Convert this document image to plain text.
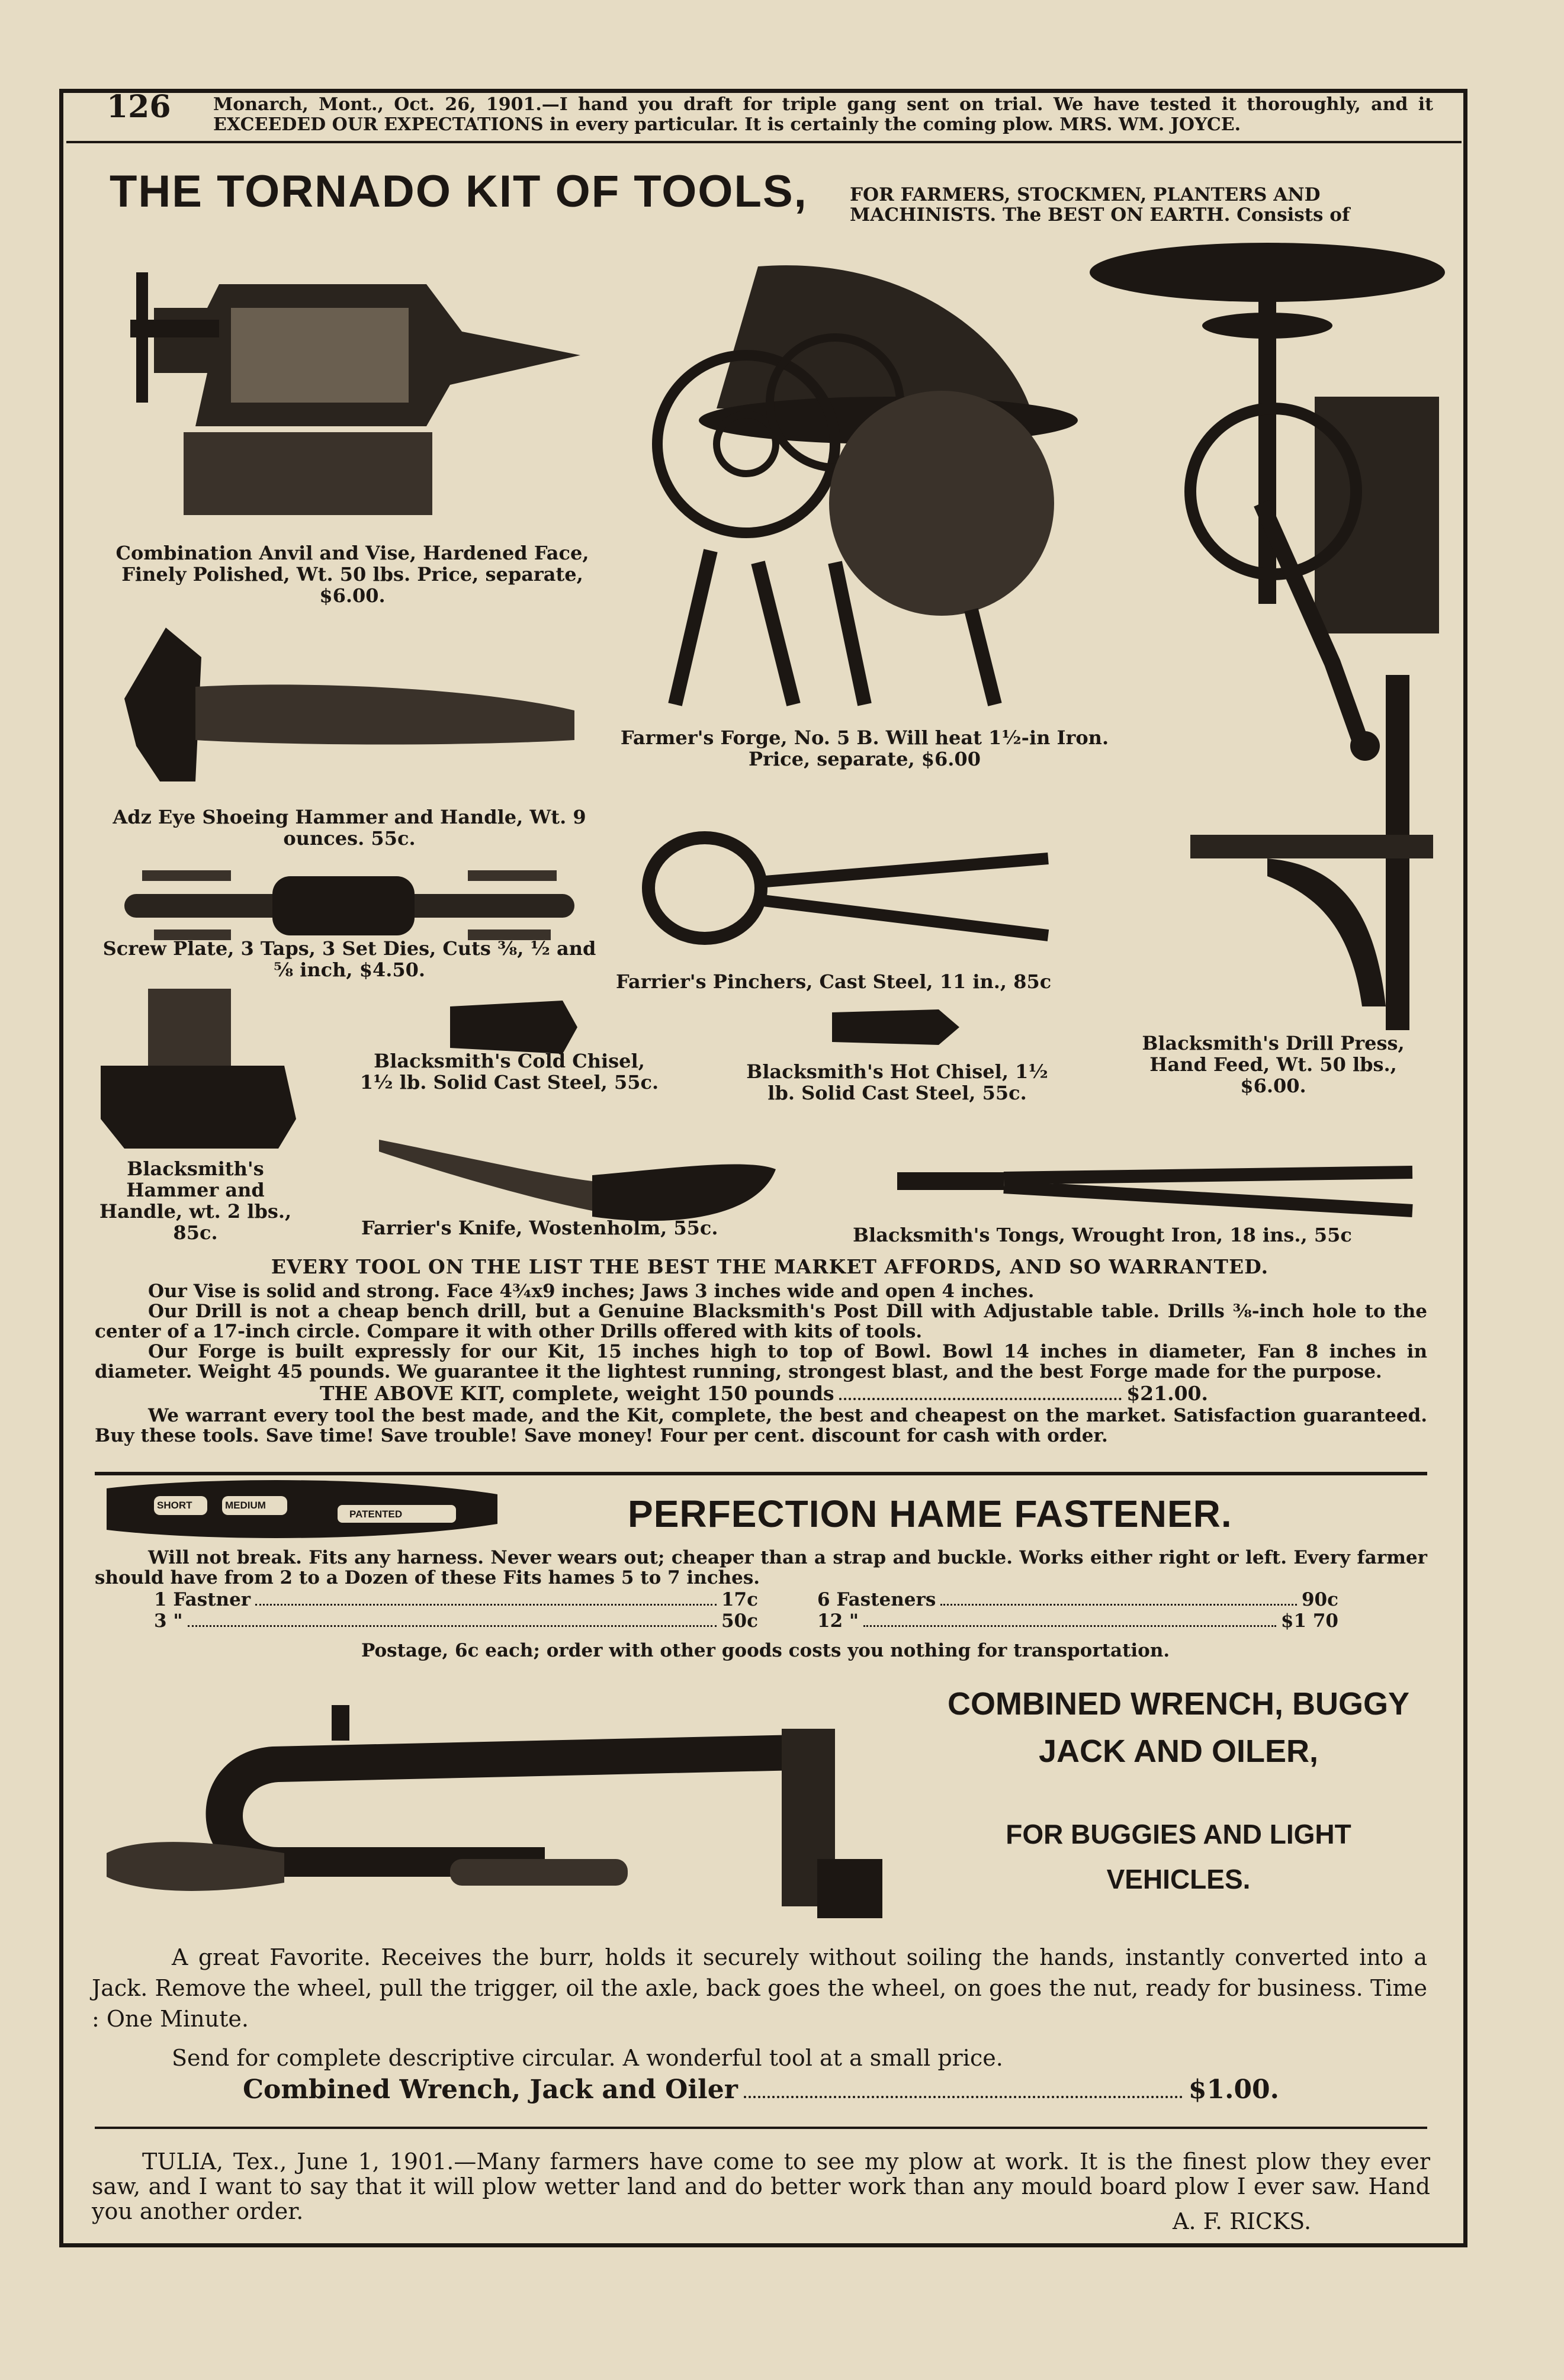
126 Monarch, Mont., Oct. 26, 1901.—I hand you draft for triple gang sent on trial. We have tested it thoroughly, and it EXCEEDED OUR EXPECTATIONS in every particular. It is certainly the coming plow. MRS. WM. JOYCE.
THE TORNADO KIT OF TOOLS, FOR FARMERS, STOCKMEN, PLANTERS AND MACHINISTS. The BEST ON EARTH. Consists of
Combination Anvil and Vise, Hardened Face, Finely Polished, Wt. 50 lbs. Price, separate, $6.00.
Farmer's Forge, No. 5 B. Will heat 1½-in Iron. Price, separate, $6.00
Adz Eye Shoeing Hammer and Handle, Wt. 9 ounces. 55c.
Screw Plate, 3 Taps, 3 Set Dies, Cuts ⅜, ½ and ⅝ inch, $4.50.
Farrier's Pinchers, Cast Steel, 11 in., 85c
Blacksmith's Cold Chisel, 1½ lb. Solid Cast Steel, 55c.	Blacksmith's Hot Chisel, 1½ lb. Solid Cast Steel, 55c.
Blacksmith's Drill Press, Hand Feed, Wt. 50 lbs., $6.00.
Blacksmith's Hammer and Handle, wt. 2 lbs., 85c.	Farrier's Knife, Wostenholm, 55c.	Blacksmith's Tongs, Wrought Iron, 18 ins., 55c
EVERY TOOL ON THE LIST THE BEST THE MARKET AFFORDS, AND SO WARRANTED.

Our Vise is solid and strong. Face 4¾x9 inches; Jaws 3 inches wide and open 4 inches.

Our Drill is not a cheap bench drill, but a Genuine Blacksmith's Post Dill with Adjustable table. Drills ⅜-inch hole to the center of a 17-inch circle. Compare it with other Drills offered with kits of tools.

Our Forge is built expressly for our Kit, 15 inches high to top of Bowl. Bowl 14 inches in diameter, Fan 8 inches in diameter. Weight 45 pounds. We guarantee it the lightest running, strongest blast, and the best Forge made for the purpose.

THE ABOVE KIT, complete, weight 150 pounds	$21.00.
We warrant every tool the best made, and the Kit, complete, the best and cheapest on the market. Satisfaction guaranteed. Buy these tools. Save time! Save trouble! Save money! Four per cent. discount for cash with order.
SHORT	MEDIUM
PATENTED	PERFECTION HAME FASTENER.
Will not break. Fits any harness. Never wears out; cheaper than a strap and buckle. Works either right or left. Every farmer should have from 2 to a Dozen of these Fits hames 5 to 7 inches.
1 Fastner	17c	6 Fasteners	90c
3 "	50c	12 "	$1 70
Postage, 6c each; order with other goods costs you nothing for transportation.
COMBINED WRENCH, BUGGY
JACK AND OILER,
FOR BUGGIES AND LIGHT
VEHICLES.
A great Favorite. Receives the burr, holds it securely without soiling the hands, instantly converted into a Jack. Remove the wheel, pull the trigger, oil the axle, back goes the wheel, on goes the nut, ready for business. Time : One Minute.
Send for complete descriptive circular. A wonderful tool at a small price.
Combined Wrench, Jack and Oiler	$1.00.
TULIA, Tex., June 1, 1901.—Many farmers have come to see my plow at work. It is the finest plow they ever saw, and I want to say that it will plow wetter land and do better work than any mould board plow I ever saw. Hand you another order.	A. F. RICKS.
